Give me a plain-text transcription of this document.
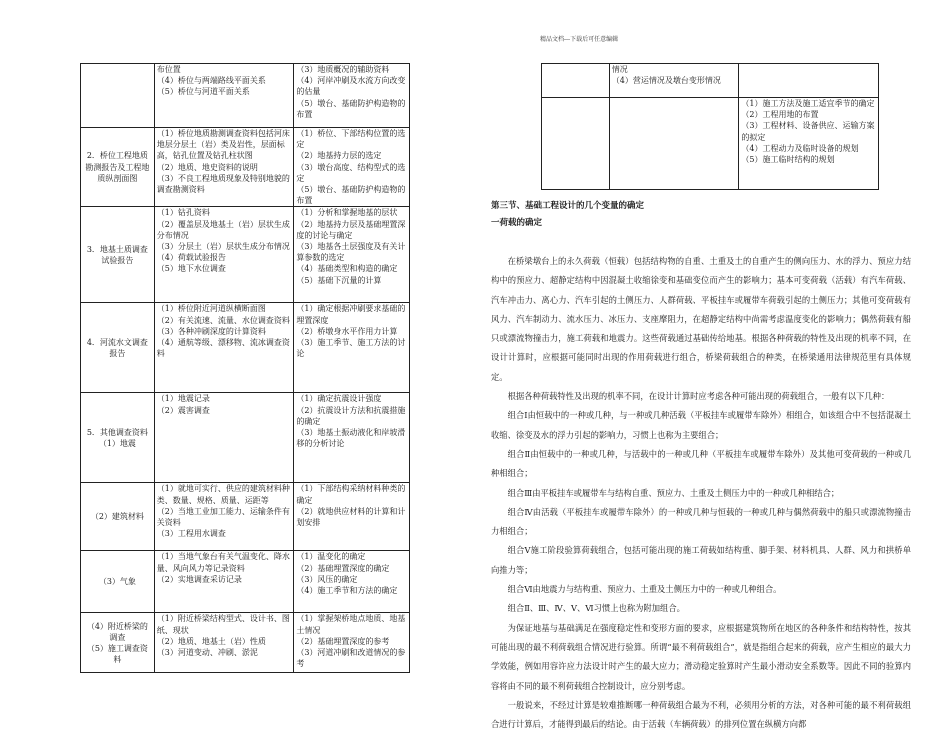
精品文档---下载后可任意编辑

	布位置
（4）桥位与两端路线平面关系
（5）桥位与河道平面关系	（3）地质概况的辅助资料
（4）河岸冲刷及水流方向改变的估量
（5）墩台、基础防护构造物的布置

2．桥位工程地质勘测报告及工程地质纵剖面图	（1）桥位地质勘测调查资料包括河床地层分层土（岩）类及岩性，层面标高，钻孔位置及钻孔柱状图
（2）地质、地史资料的说明
（3）不良工程地质现象及特别地貌的调查勘测资料	（1）桥位、下部结构位置的选定
（2）地基持力层的选定
（3）墩台高度、结构型式的选定
（5）墩台、基础防护构造物的布置

3．地基土质调查试验报告	（1）钻孔资料
（2）覆盖层及地基土（岩）层状生成分布情况
（3）分层土（岩）层状生成分布情况
（4）荷载试验报告
（5）地下水位调查	（1）分析和掌握地基的层状
（2）地基持力层及基础埋置深度的讨论与确定
（3）地基各土层强度及有关计算参数的选定
（4）基础类型和构造的确定
（5）基础下沉量的计算

4．河流水文调查报告	（1）桥位附近河道纵横断面图
（2）有关流速、流量、水位调查资料
（3）各种冲刷深度的计算资料
（4）通航等级、漂移物、流冰调查资料	（1）确定根据冲刷要求基础的埋置深度
（2）桥墩身水平作用力计算
（3）施工季节、施工方法的讨论

5．其他调查资料
（1）地震	（1）地震记录
（2）震害调查	（1）确定抗震设计强度
（2）抗震设计方法和抗震措施的确定
（3）地基土振动液化和岸坡滑移的分析讨论

（2）建筑材料	（1）就地可实行、供应的建筑材料种类、数量、规格、质量、运距等
（2）当地工业加工能力、运输条件有关资料
（3）工程用水调查	（1）下部结构采纳材料种类的确定
（2）就地供应材料的计算和计划安排

（3）气象	（1）当地气象台有关气温变化、降水量、风向风力等记录资料
（2）实地调查采访记录	（1）温变化的确定
（2）基础埋置深度的确定
（3）风压的确定
（4）施工季节和方法的确定

（4）附近桥梁的调查
（5）施工调查资料	（1）附近桥梁结构型式、设计书、图纸、现状
（2）地质、地基土（岩）性质
（3）河道变动、冲刷、淤泥	（1）掌握架桥地点地质、地基土情况
（2）基础埋置深度的参考
（3）河道冲刷和改道情况的参考

	情况
（4）营运情况及墩台变形情况	

		（1）施工方法及施工适宜季节的确定
（2）工程用地的布置
（3）工程材料、设备供应、运输方案的拟定
（4）工程动力及临时设备的规划
（5）施工临时结构的规划
第三节、基础工程设计的几个变量的确定
一荷载的确定

在桥梁墩台上的永久荷载（恒载）包括结构物的自重、土重及土的自重产生的侧向压力、水的浮力、预应力结构中的预应力、超静定结构中因混凝土收缩徐变和基础变位而产生的影响力；基本可变荷载（活载）有汽车荷载、汽车冲击力、离心力、汽车引起的土侧压力、人群荷载、平板挂车或履带车荷载引起的土侧压力；其他可变荷载有风力、汽车制动力、流水压力、冰压力、支座摩阻力，在超静定结构中尚需考虑温度变化的影响力；偶然荷载有船只或漂流物撞击力，施工荷载和地震力。这些荷载通过基础传给地基。根据各种荷载的特性及出现的机率不同，在设计计算时，应根据可能同时出现的作用荷载进行组合，桥梁荷载组合的种类，在桥梁通用法律规范里有具体规定。

根据各种荷载特性及出现的机率不同，在设计计算时应考虑各种可能出现的荷载组合，一般有以下几种：

组合Ⅰ由恒载中的一种或几种，与一种或几种活载（平板挂车或履带车除外）相组合，如该组合中不包括混凝土收缩、徐变及水的浮力引起的影响力，习惯上也称为主要组合；

组合Ⅱ由恒载中的一种或几种，与活载中的一种或几种（平板挂车或履带车除外）及其他可变荷载的一种或几种相组合；

组合Ⅲ由平板挂车或履带车与结构自重、预应力、土重及土侧压力中的一种或几种相结合；

组合Ⅳ由活载（平板挂车或履带车除外）的一种或几种与恒载的一种或几种与偶然荷载中的船只或漂流物撞击力相组合；

组合Ⅴ施工阶段验算荷载组合，包括可能出现的施工荷载如结构重、脚手架、材料机具、人群、风力和拱桥单向推力等；

组合Ⅵ由地震力与结构重、预应力、土重及土侧压力中的一种或几种组合。

组合Ⅱ、Ⅲ、Ⅳ、Ⅴ、Ⅵ习惯上也称为附加组合。

为保证地基与基础满足在强度稳定性和变形方面的要求，应根据建筑物所在地区的各种条件和结构特性，按其可能出现的最不利荷载组合情况进行验算。所谓“最不利荷载组合”，就是指组合起来的荷载，应产生相应的最大力学效能，例如用容许应力法设计时产生的最大应力；滑动稳定验算时产生最小滑动安全系数等。因此不同的验算内容将由不同的最不利荷载组合控制设计，应分别考虑。

一般说来，不经过计算是较难推断哪一种荷载组合最为不利，必须用分析的方法，对各种可能的最不利荷载组合进行计算后，才能得到最后的结论。由于活载（车辆荷载）的排列位置在纵横方向都
